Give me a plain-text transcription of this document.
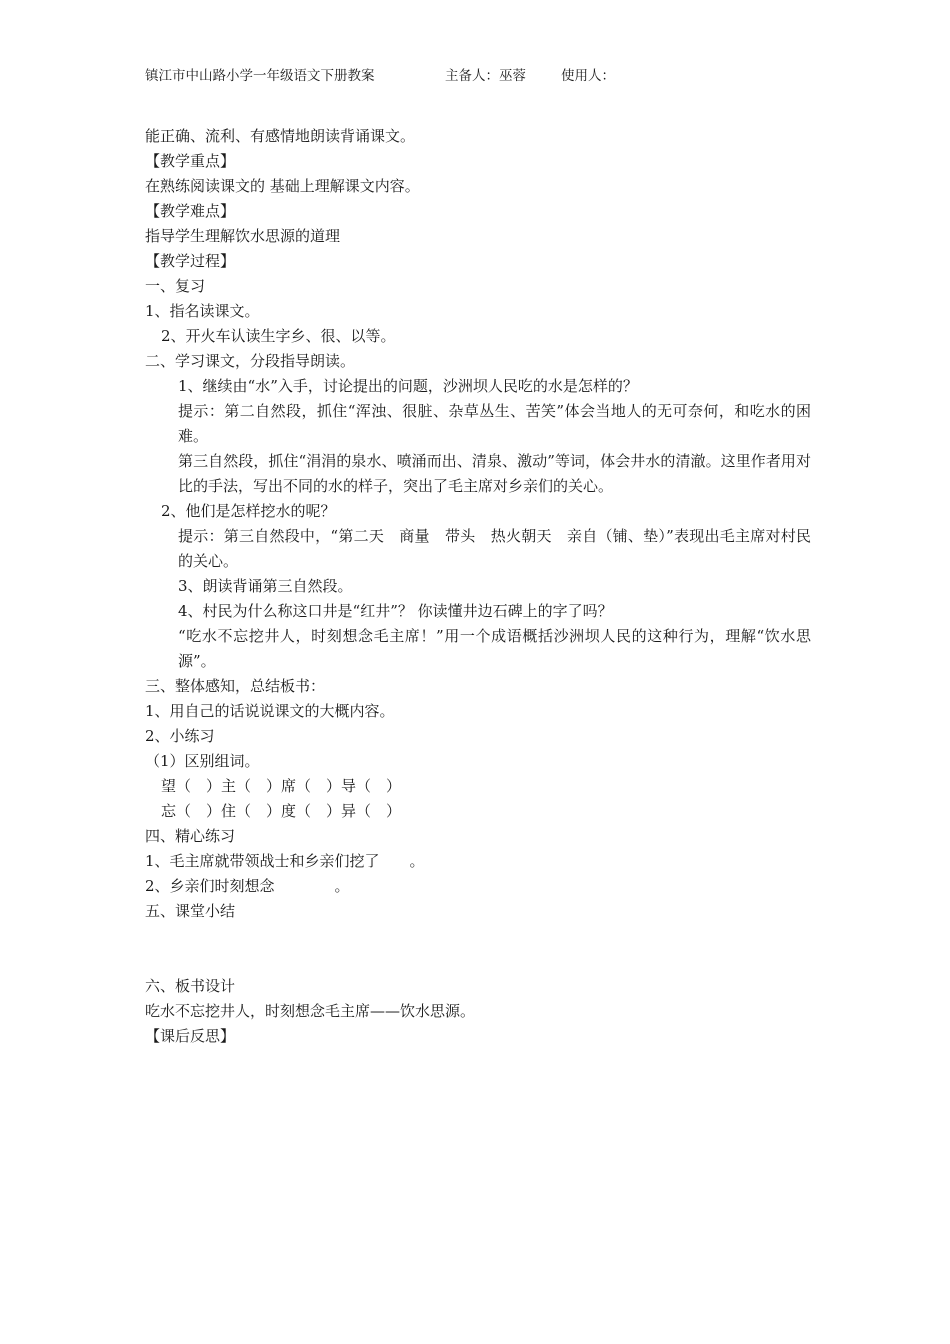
镇江市中山路小学一年级语文下册教案	主备人：巫蓉	使用人：
能正确、流利、有感情地朗读背诵课文。
【教学重点】
在熟练阅读课文的 基础上理解课文内容。
【教学难点】
指导学生理解饮水思源的道理
【教学过程】
一、复习
1、指名读课文。
2、开火车认读生字乡、很、以等。
二、学习课文，分段指导朗读。
1、继续由“水”入手，讨论提出的问题，沙洲坝人民吃的水是怎样的？
提示：第二自然段，抓住“浑浊、很脏、杂草丛生、苦笑”体会当地人的无可奈何，和吃水的困难。
第三自然段，抓住“涓涓的泉水、喷涌而出、清泉、激动”等词，体会井水的清澈。这里作者用对比的手法，写出不同的水的样子，突出了毛主席对乡亲们的关心。
2、他们是怎样挖水的呢？
提示：第三自然段中，“第二天　商量　带头　热火朝天　亲自（铺、垫）”表现出毛主席对村民的关心。
3、朗读背诵第三自然段。
4、村民为什么称这口井是“红井”？ 你读懂井边石碑上的字了吗？
“吃水不忘挖井人，时刻想念毛主席！”用一个成语概括沙洲坝人民的这种行为，理解“饮水思源”。
三、整体感知，总结板书：
1、用自己的话说说课文的大概内容。
2、小练习
（1）区别组词。
望（　）主（　）席（　）导（　）
忘（　）住（　）度（　）异（　）
四、精心练习
1、毛主席就带领战士和乡亲们挖了　　。
2、乡亲们时刻想念　　　　。
五、课堂小结
六、板书设计
吃水不忘挖井人，时刻想念毛主席——饮水思源。
【课后反思】
